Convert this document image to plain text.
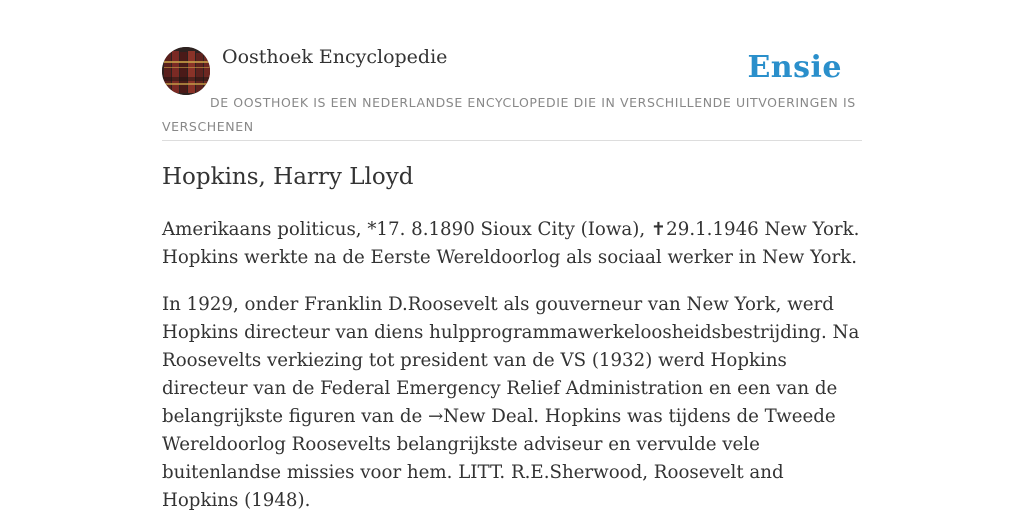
Oosthoek Encyclopedie	Ensie
DE OOSTHOEK IS EEN NEDERLANDSE ENCYCLOPEDIE DIE IN VERSCHILLENDE UITVOERINGEN IS VERSCHENEN
Hopkins, Harry Lloyd

Amerikaans politicus, *17. 8.1890 Sioux City (Iowa), ✝29.1.1946 New York. Hopkins werkte na de Eerste Wereldoorlog als sociaal werker in New York.

In 1929, onder Franklin D.Roosevelt als gouverneur van New York, werd Hopkins directeur van diens hulpprogrammawerkeloosheidsbestrijding. Na Roosevelts verkiezing tot president van de VS (1932) werd Hopkins directeur van de Federal Emergency Relief Administration en een van de belangrijkste figuren van de →New Deal. Hopkins was tijdens de Tweede Wereldoorlog Roosevelts belangrijkste adviseur en vervulde vele buitenlandse missies voor hem. LITT. R.E.Sherwood, Roosevelt and Hopkins (1948).
